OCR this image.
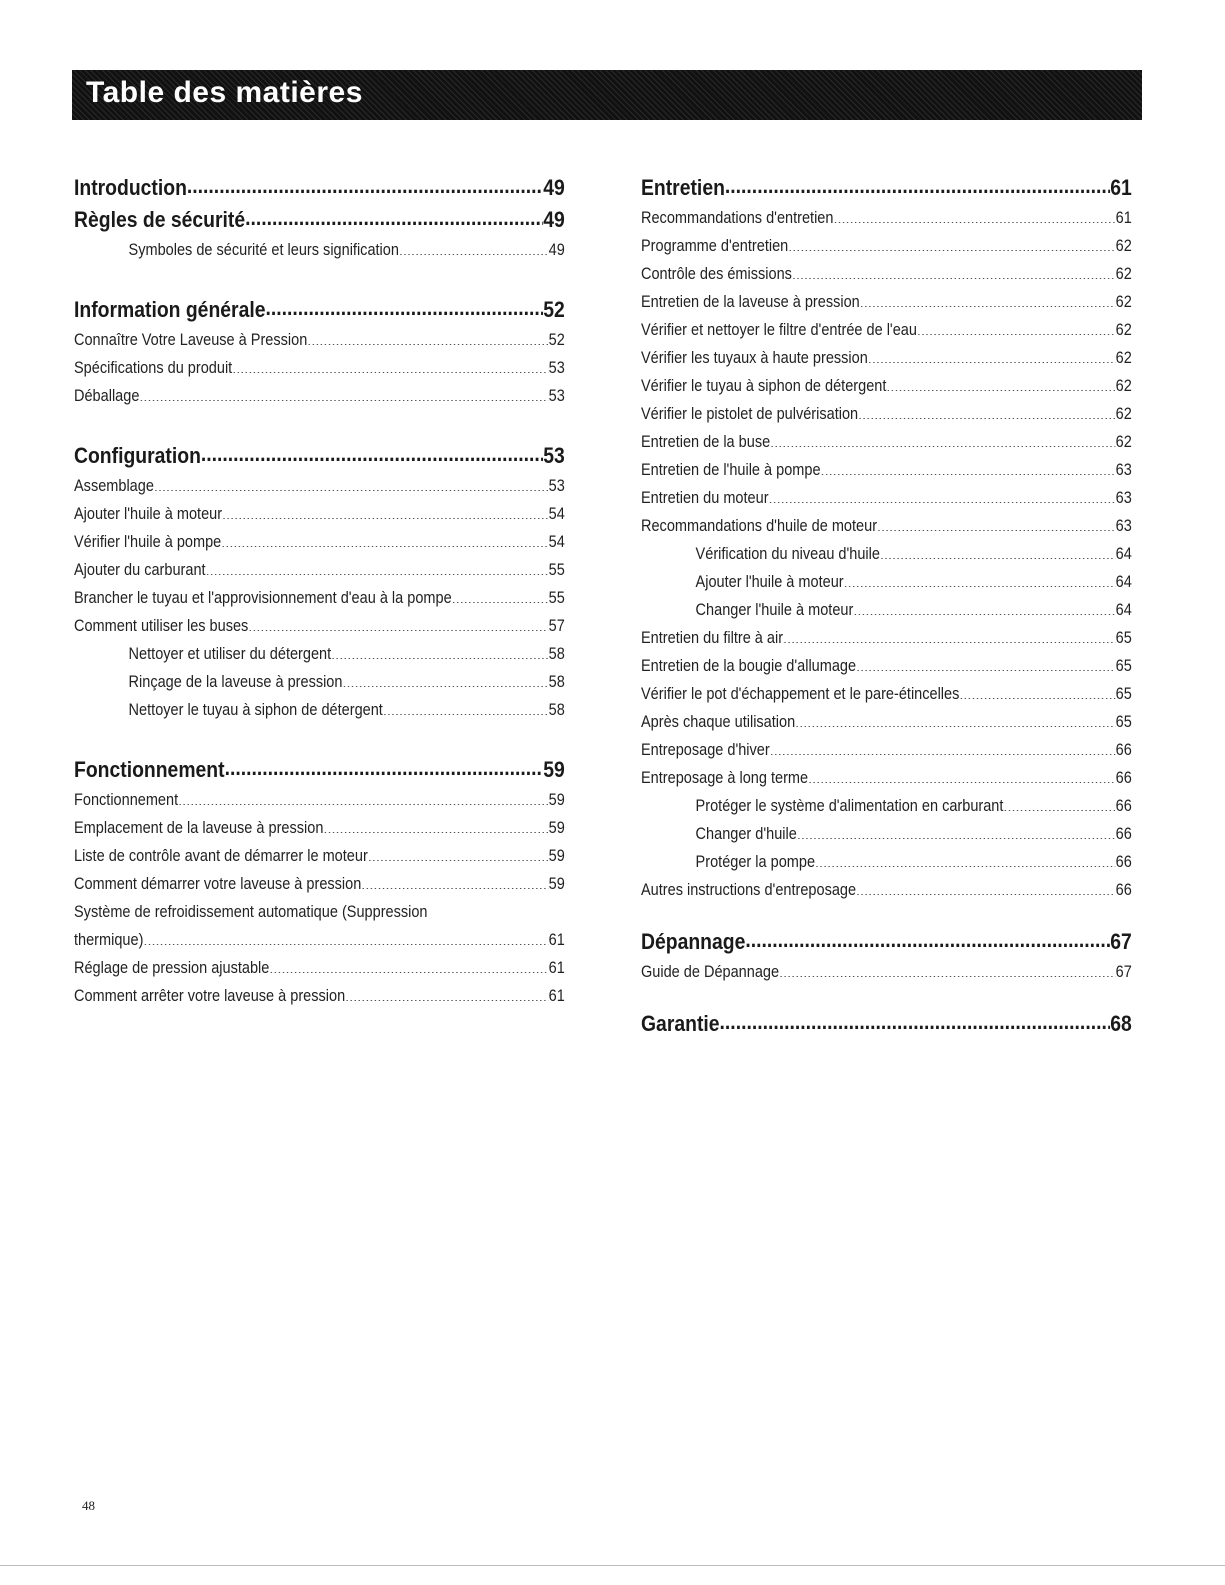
Table des matières
Introduction .....	49
Règles de sécurité .....	49
Symboles de sécurité et leurs signification .....	49
Information générale .....	52
Connaître Votre Laveuse à Pression .....	52
Spécifications du produit .....	53
Déballage .....	53
Configuration .....	53
Assemblage .....	53
Ajouter l'huile à moteur .....	54
Vérifier l'huile à pompe .....	54
Ajouter du carburant .....	55
Brancher le tuyau et l'approvisionnement d'eau à la pompe .....	55
Comment utiliser les buses .....	57
Nettoyer et utiliser du détergent .....	58
Rinçage de la laveuse à pression .....	58
Nettoyer le tuyau à siphon de détergent .....	58
Fonctionnement .....	59
Fonctionnement .....	59
Emplacement de la laveuse à pression .....	59
Liste de contrôle avant de démarrer le moteur .....	59
Comment démarrer votre laveuse à pression .....	59
Système de refroidissement automatique (Suppression
thermique) .....	61
Réglage de pression ajustable .....	61
Comment arrêter votre laveuse à pression .....	61
Entretien .....	61
Recommandations d'entretien .....	61
Programme d'entretien .....	62
Contrôle des émissions .....	62
Entretien de la laveuse à pression .....	62
Vérifier et nettoyer le filtre d'entrée de l'eau .....	62
Vérifier les tuyaux à haute pression .....	62
Vérifier le tuyau à siphon de détergent .....	62
Vérifier le pistolet de pulvérisation .....	62
Entretien de la buse .....	62
Entretien de l'huile à pompe .....	63
Entretien du moteur .....	63
Recommandations d'huile de moteur .....	63
Vérification du niveau d'huile .....	64
Ajouter l'huile à moteur .....	64
Changer l'huile à moteur .....	64
Entretien du filtre à air .....	65
Entretien de la bougie d'allumage .....	65
Vérifier le pot d'échappement et le pare-étincelles .....	65
Après chaque utilisation .....	65
Entreposage d'hiver .....	66
Entreposage à long terme .....	66
Protéger le système d'alimentation en carburant .....	66
Changer d'huile .....	66
Protéger la pompe .....	66
Autres instructions d'entreposage .....	66
Dépannage .....	67
Guide de Dépannage .....	67
Garantie .....	68
48
